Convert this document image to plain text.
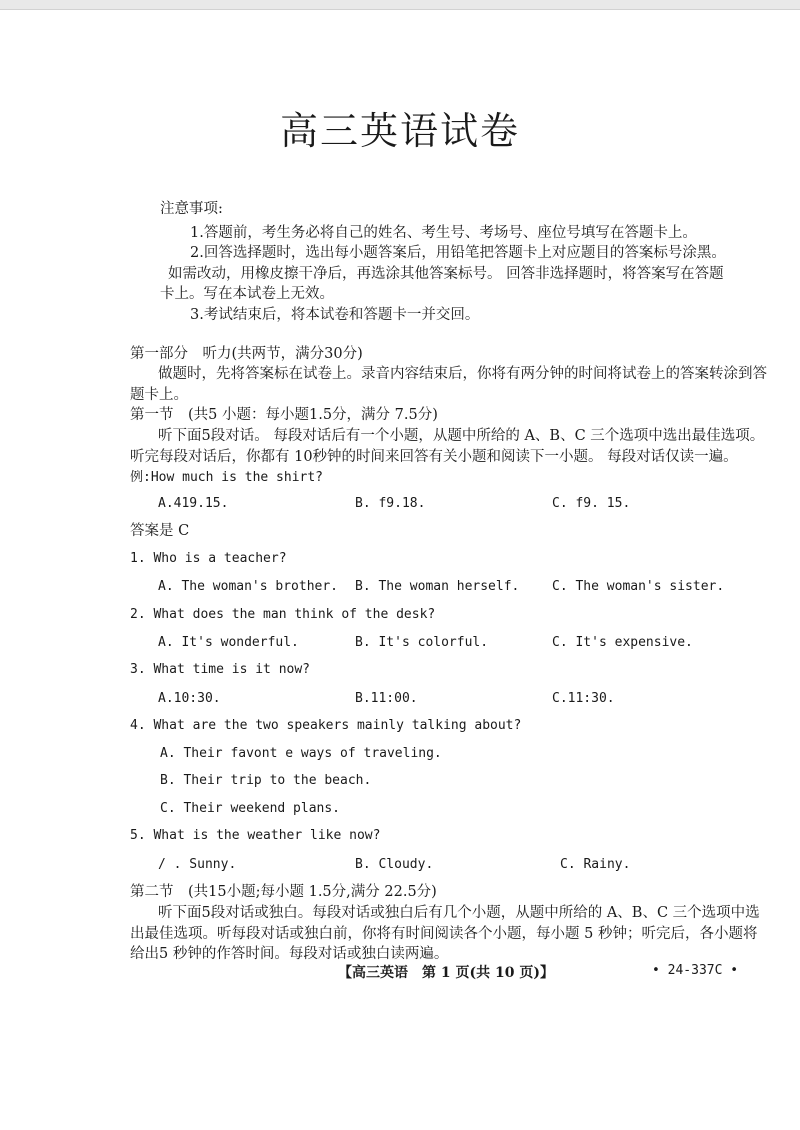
高三英语试卷
注意事项:
1.答题前，考生务必将自己的姓名、考生号、考场号、座位号填写在答题卡上。
2.回答选择题时，选出每小题答案后，用铅笔把答题卡上对应题目的答案标号涂黑。
如需改动，用橡皮擦干净后，再选涂其他答案标号。 回答非选择题时，将答案写在答题
卡上。写在本试卷上无效。
3.考试结束后，将本试卷和答题卡一并交回。
第一部分　听力(共两节，满分30分)
做题时，先将答案标在试卷上。录音内容结束后，你将有两分钟的时间将试卷上的答案转涂到答题卡上。
第一节　(共5 小题：每小题1.5分，满分 7.5分)
听下面5段对话。 每段对话后有一个小题，从题中所给的 A、B、C 三个选项中选出最佳选项。听完每段对话后，你都有 10秒钟的时间来回答有关小题和阅读下一小题。 每段对话仅读一遍。
例:How much is the shirt?
A.419.15.	B. f9.18.	C. f9. 15.
答案是 C
1. Who is a teacher?
A. The woman's brother. B. The woman herself.	C. The woman's sister.
2. What does the man think of the desk?
A. It's wonderful.	B. It's colorful.	C. It's expensive.
3. What time is it now?
A.10:30.	B.11:00.	C.11:30.
4. What are the two speakers mainly talking about?
A. Their favont e ways of traveling.
B. Their trip to the beach.
C. Their weekend plans.
5. What is the weather like now?
/ . Sunny.	B. Cloudy.	C. Rainy.
第二节　(共15小题;每小题 1.5分,满分 22.5分)
听下面5段对话或独白。每段对话或独白后有几个小题，从题中所给的 A、B、C 三个选项中选出最佳选项。听每段对话或独白前，你将有时间阅读各个小题，每小题 5 秒钟；听完后，各小题将给出5 秒钟的作答时间。每段对话或独白读两遍。
【高三英语　第 1 页(共 10 页)】	• 24-337C •
